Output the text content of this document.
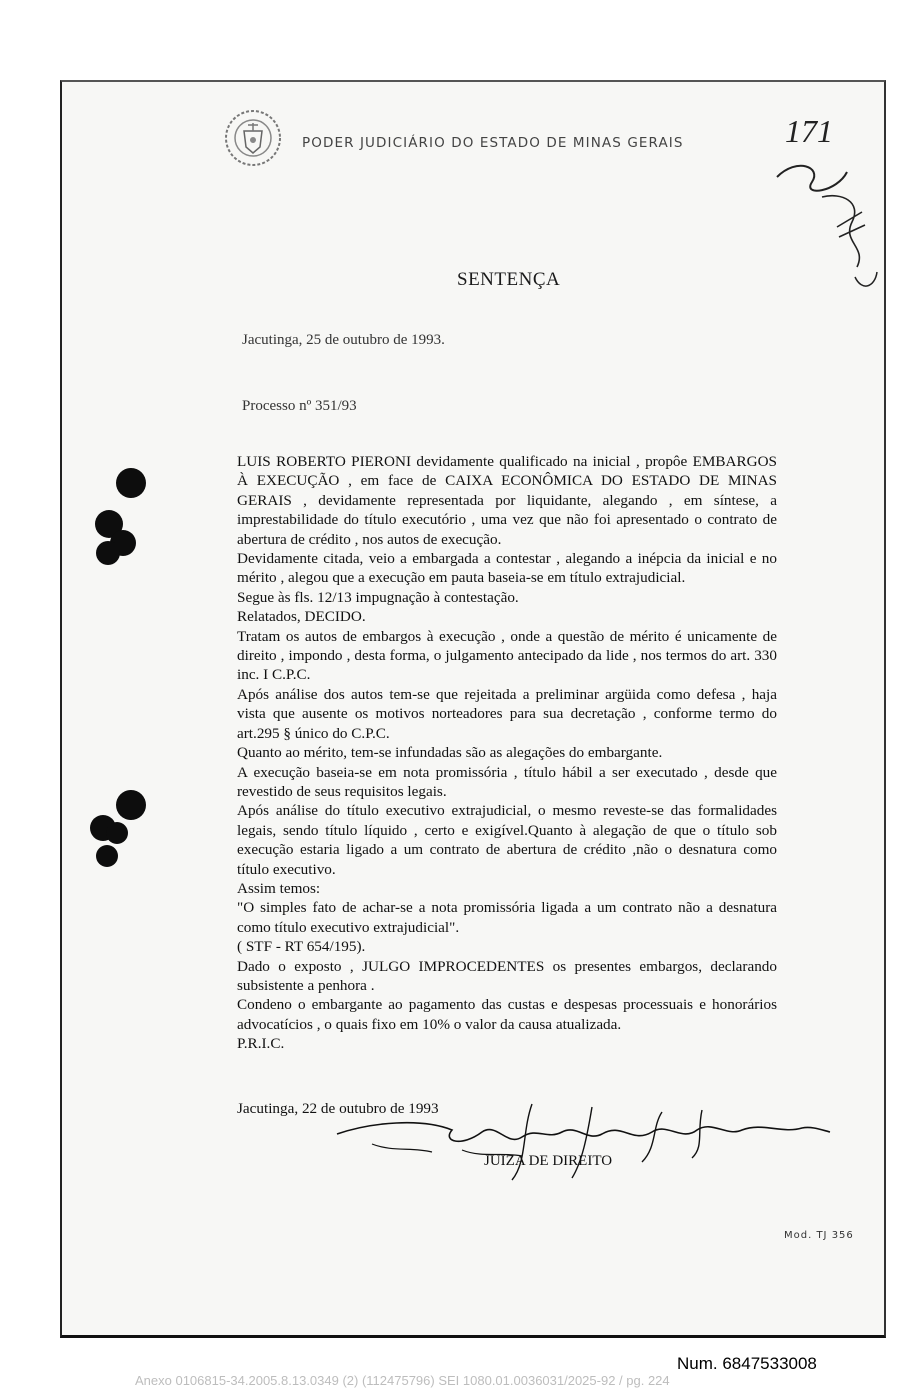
PODER JUDICIÁRIO DO ESTADO DE MINAS GERAIS	171
SENTENÇA
Jacutinga, 25 de outubro de 1993.
Processo nº 351/93

LUIS ROBERTO PIERONI devidamente qualificado na inicial , propôe EMBARGOS À EXECUÇÃO , em face de CAIXA ECONÔMICA DO ESTADO DE MINAS GERAIS , devidamente representada por liquidante, alegando , em síntese, a imprestabilidade do título executório , uma vez que não foi apresentado o contrato de abertura de crédito , nos autos de execução.

Devidamente citada, veio a embargada a contestar , alegando a inépcia da inicial e no mérito , alegou que a execução em pauta baseia-se em título extrajudicial.

Segue às fls. 12/13 impugnação à contestação.

Relatados, DECIDO.

Tratam os autos de embargos à execução , onde a questão de mérito é unicamente de direito , impondo , desta forma, o julgamento antecipado da lide , nos termos do art. 330 inc. I C.P.C.

Após análise dos autos tem-se que rejeitada a preliminar argüida como defesa , haja vista que ausente os motivos norteadores para sua decretação , conforme termo do art.295 § único do C.P.C.

Quanto ao mérito, tem-se infundadas são as alegações do embargante.

A execução baseia-se em nota promissória , título hábil a ser executado , desde que revestido de seus requisitos legais.

Após análise do título executivo extrajudicial, o mesmo reveste-se das formalidades legais, sendo título líquido , certo e exigível.Quanto à alegação de que o título sob execução estaria ligado a um contrato de abertura de crédito ,não o desnatura como título executivo.

Assim temos:

"O simples fato de achar-se a nota promissória ligada a um contrato não a desnatura como título executivo extrajudicial".

( STF - RT 654/195).

Dado o exposto , JULGO IMPROCEDENTES os presentes embargos, declarando subsistente a penhora .

Condeno o embargante ao pagamento das custas e despesas processuais e honorários advocatícios , o quais fixo em 10% o valor da causa atualizada.

P.R.I.C.

Jacutinga, 22 de outubro de 1993
JUIZA DE DIREITO
Mod. TJ 356
Num. 6847533008
Anexo 0106815-34.2005.8.13.0349 (2) (112475796) SEI 1080.01.0036031/2025-92 / pg. 224
